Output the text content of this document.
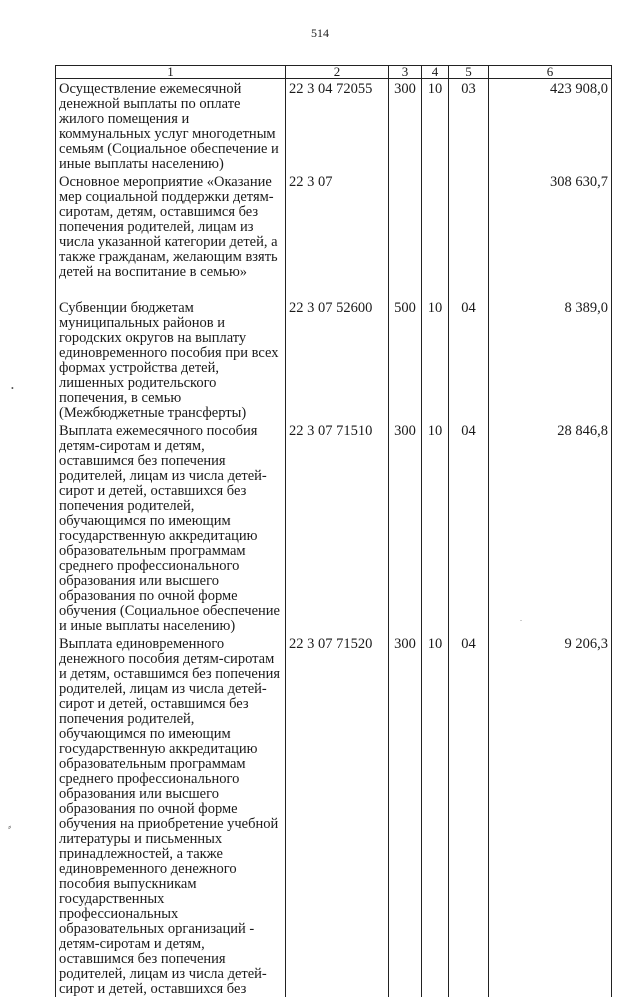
514
1	2	3	4	5	6
Осуществление ежемесячной денежной выплаты по оплате жилого помещения и коммунальных услуг многодетным семьям (Социальное обеспечение и иные выплаты населению)	22 3 04 72055	300	10	03	423 908,0
Основное мероприятие «Оказание мер социальной поддержки детям-сиротам, детям, оставшимся без попечения родителей, лицам из числа указанной категории детей, а также гражданам, желающим взять детей на воспитание в семью»	22 3 07				308 630,7
Субвенции бюджетам муниципальных районов и городских округов на выплату единовременного пособия при всех формах устройства детей, лишенных родительского попечения, в семью (Межбюджетные трансферты)	22 3 07 52600	500	10	04	8 389,0
Выплата ежемесячного пособия детям-сиротам и детям, оставшимся без попечения родителей, лицам из числа детей-сирот и детей, оставшихся без попечения родителей, обучающимся по имеющим государственную аккредитацию образовательным программам среднего профессионального образования или высшего образования по очной форме обучения (Социальное обеспечение и иные выплаты населению)	22 3 07 71510	300	10	04	28 846,8
Выплата единовременного денежного пособия детям-сиротам и детям, оставшимся без попечения родителей, лицам из числа детей-сирот и детей, оставшимся без попечения родителей, обучающимся по имеющим государственную аккредитацию образовательным программам среднего профессионального образования или высшего образования по очной форме обучения на приобретение учебной литературы и письменных принадлежностей, а также единовременного денежного пособия выпускникам государственных профессиональных образовательных организаций - детям-сиротам и детям, оставшимся без попечения родителей, лицам из числа детей-сирот и детей, оставшихся без	22 3 07 71520	300	10	04	9 206,3
•
⸗
-
